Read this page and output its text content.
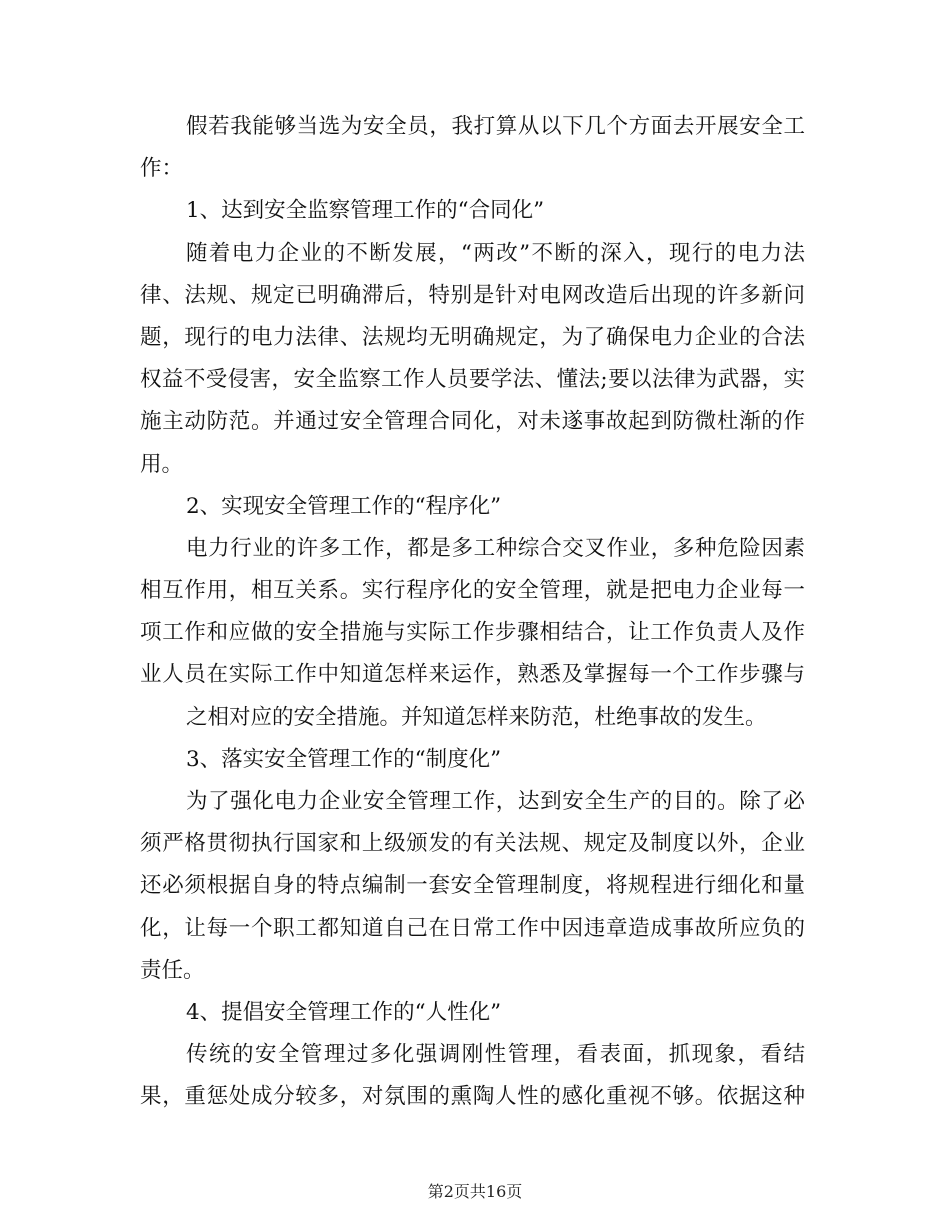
假若我能够当选为安全员，我打算从以下几个方面去开展安全工
作：
1、达到安全监察管理工作的“合同化”
随着电力企业的不断发展，“两改”不断的深入，现行的电力法
律、法规、规定已明确滞后，特别是针对电网改造后出现的许多新问
题，现行的电力法律、法规均无明确规定，为了确保电力企业的合法
权益不受侵害，安全监察工作人员要学法、懂法;要以法律为武器，实
施主动防范。并通过安全管理合同化，对未遂事故起到防微杜渐的作
用。
2、实现安全管理工作的“程序化”
电力行业的许多工作，都是多工种综合交叉作业，多种危险因素
相互作用，相互关系。实行程序化的安全管理，就是把电力企业每一
项工作和应做的安全措施与实际工作步骤相结合，让工作负责人及作
业人员在实际工作中知道怎样来运作，熟悉及掌握每一个工作步骤与
之相对应的安全措施。并知道怎样来防范，杜绝事故的发生。
3、落实安全管理工作的“制度化”
为了强化电力企业安全管理工作，达到安全生产的目的。除了必
须严格贯彻执行国家和上级颁发的有关法规、规定及制度以外，企业
还必须根据自身的特点编制一套安全管理制度，将规程进行细化和量
化，让每一个职工都知道自己在日常工作中因违章造成事故所应负的
责任。
4、提倡安全管理工作的“人性化”
传统的安全管理过多化强调刚性管理，看表面，抓现象，看结
果，重惩处成分较多，对氛围的熏陶人性的感化重视不够。依据这种
第2页共16页
